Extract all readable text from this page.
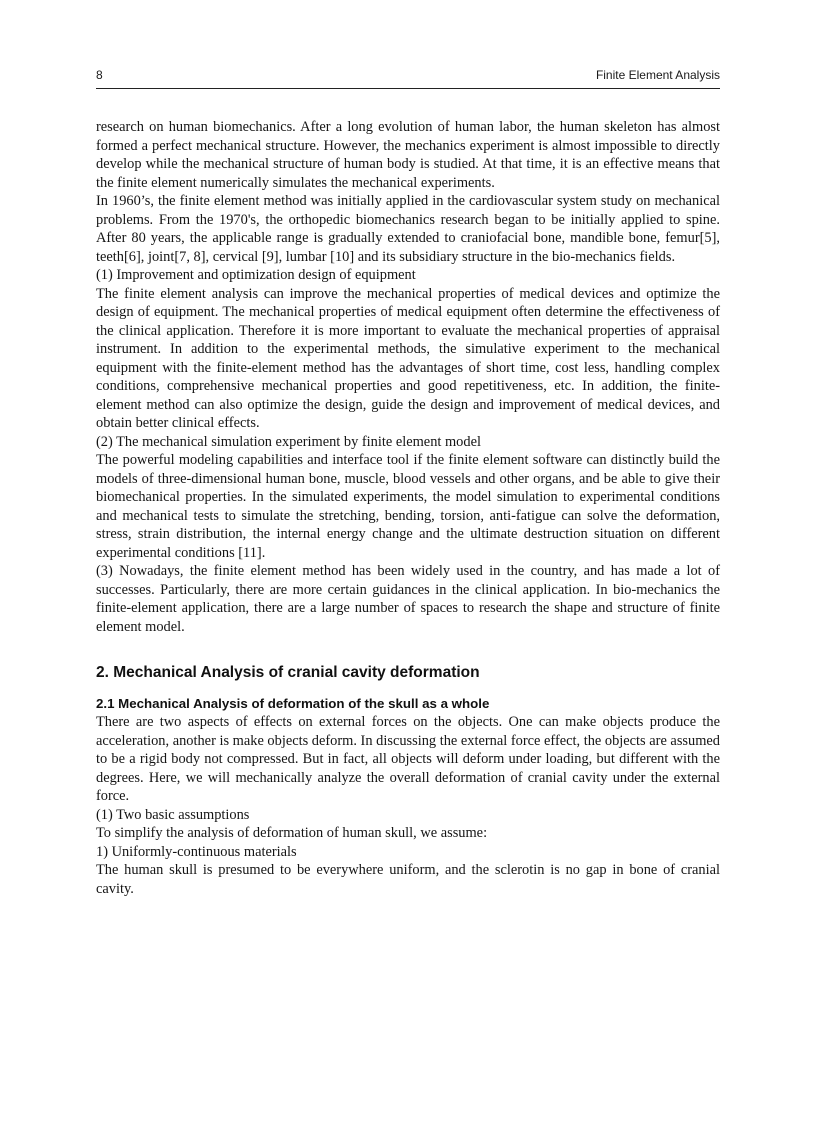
8	Finite Element Analysis

research on human biomechanics. After a long evolution of human labor, the human skeleton has almost formed a perfect mechanical structure. However, the mechanics experiment is almost impossible to directly develop while the mechanical structure of human body is studied. At that time, it is an effective means that the finite element numerically simulates the mechanical experiments.

In 1960’s, the finite element method was initially applied in the cardiovascular system study on mechanical problems. From the 1970's, the orthopedic biomechanics research began to be initially applied to spine. After 80 years, the applicable range is gradually extended to craniofacial bone, mandible bone, femur[5], teeth[6], joint[7, 8], cervical [9], lumbar [10] and its subsidiary structure in the bio-mechanics fields.

(1) Improvement and optimization design of equipment

The finite element analysis can improve the mechanical properties of medical devices and optimize the design of equipment. The mechanical properties of medical equipment often determine the effectiveness of the clinical application. Therefore it is more important to evaluate the mechanical properties of appraisal instrument. In addition to the experimental methods, the simulative experiment to the mechanical equipment with the finite-element method has the advantages of short time, cost less, handling complex conditions, comprehensive mechanical properties and good repetitiveness, etc. In addition, the finite-element method can also optimize the design, guide the design and improvement of medical devices, and obtain better clinical effects.

(2) The mechanical simulation experiment by finite element model

The powerful modeling capabilities and interface tool if the finite element software can distinctly build the models of three-dimensional human bone, muscle, blood vessels and other organs, and be able to give their biomechanical properties. In the simulated experiments, the model simulation to experimental conditions and mechanical tests to simulate the stretching, bending, torsion, anti-fatigue can solve the deformation, stress, strain distribution, the internal energy change and the ultimate destruction situation on different experimental conditions [11].

(3) Nowadays, the finite element method has been widely used in the country, and has made a lot of successes. Particularly, there are more certain guidances in the clinical application. In bio-mechanics the finite-element application, there are a large number of spaces to research the shape and structure of finite element model.

2. Mechanical Analysis of cranial cavity deformation
2.1 Mechanical Analysis of deformation of the skull as a whole

There are two aspects of effects on external forces on the objects. One can make objects produce the acceleration, another is make objects deform. In discussing the external force effect, the objects are assumed to be a rigid body not compressed. But in fact, all objects will deform under loading, but different with the degrees. Here, we will mechanically analyze the overall deformation of cranial cavity under the external force.

(1) Two basic assumptions

To simplify the analysis of deformation of human skull, we assume:

1) Uniformly-continuous materials

The human skull is presumed to be everywhere uniform, and the sclerotin is no gap in bone of cranial cavity.
